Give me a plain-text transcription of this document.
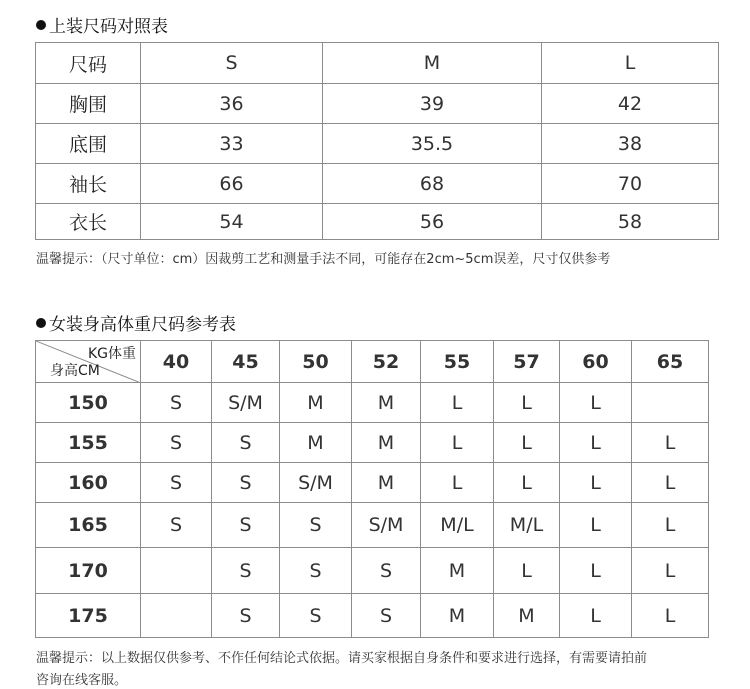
上装尺码对照表
尺码	S	M	L
胸围	36	39	42
底围	33	35.5	38
袖长	66	68	70
衣长	54	56	58
温馨提示：（尺寸单位：cm）因裁剪工艺和测量手法不同，可能存在2cm~5cm误差，尺寸仅供参考
女装身高体重尺码参考表
KG体重
身高CM	40	45	50	52	55	57	60	65
150	S	S/M	M	M	L	L	L	
155	S	S	M	M	L	L	L	L
160	S	S	S/M	M	L	L	L	L
165	S	S	S	S/M	M/L	M/L	L	L
170		S	S	S	M	L	L	L
175		S	S	S	M	M	L	L
温馨提示：以上数据仅供参考、不作任何结论式依据。请买家根据自身条件和要求进行选择，有需要请拍前
咨询在线客服。
